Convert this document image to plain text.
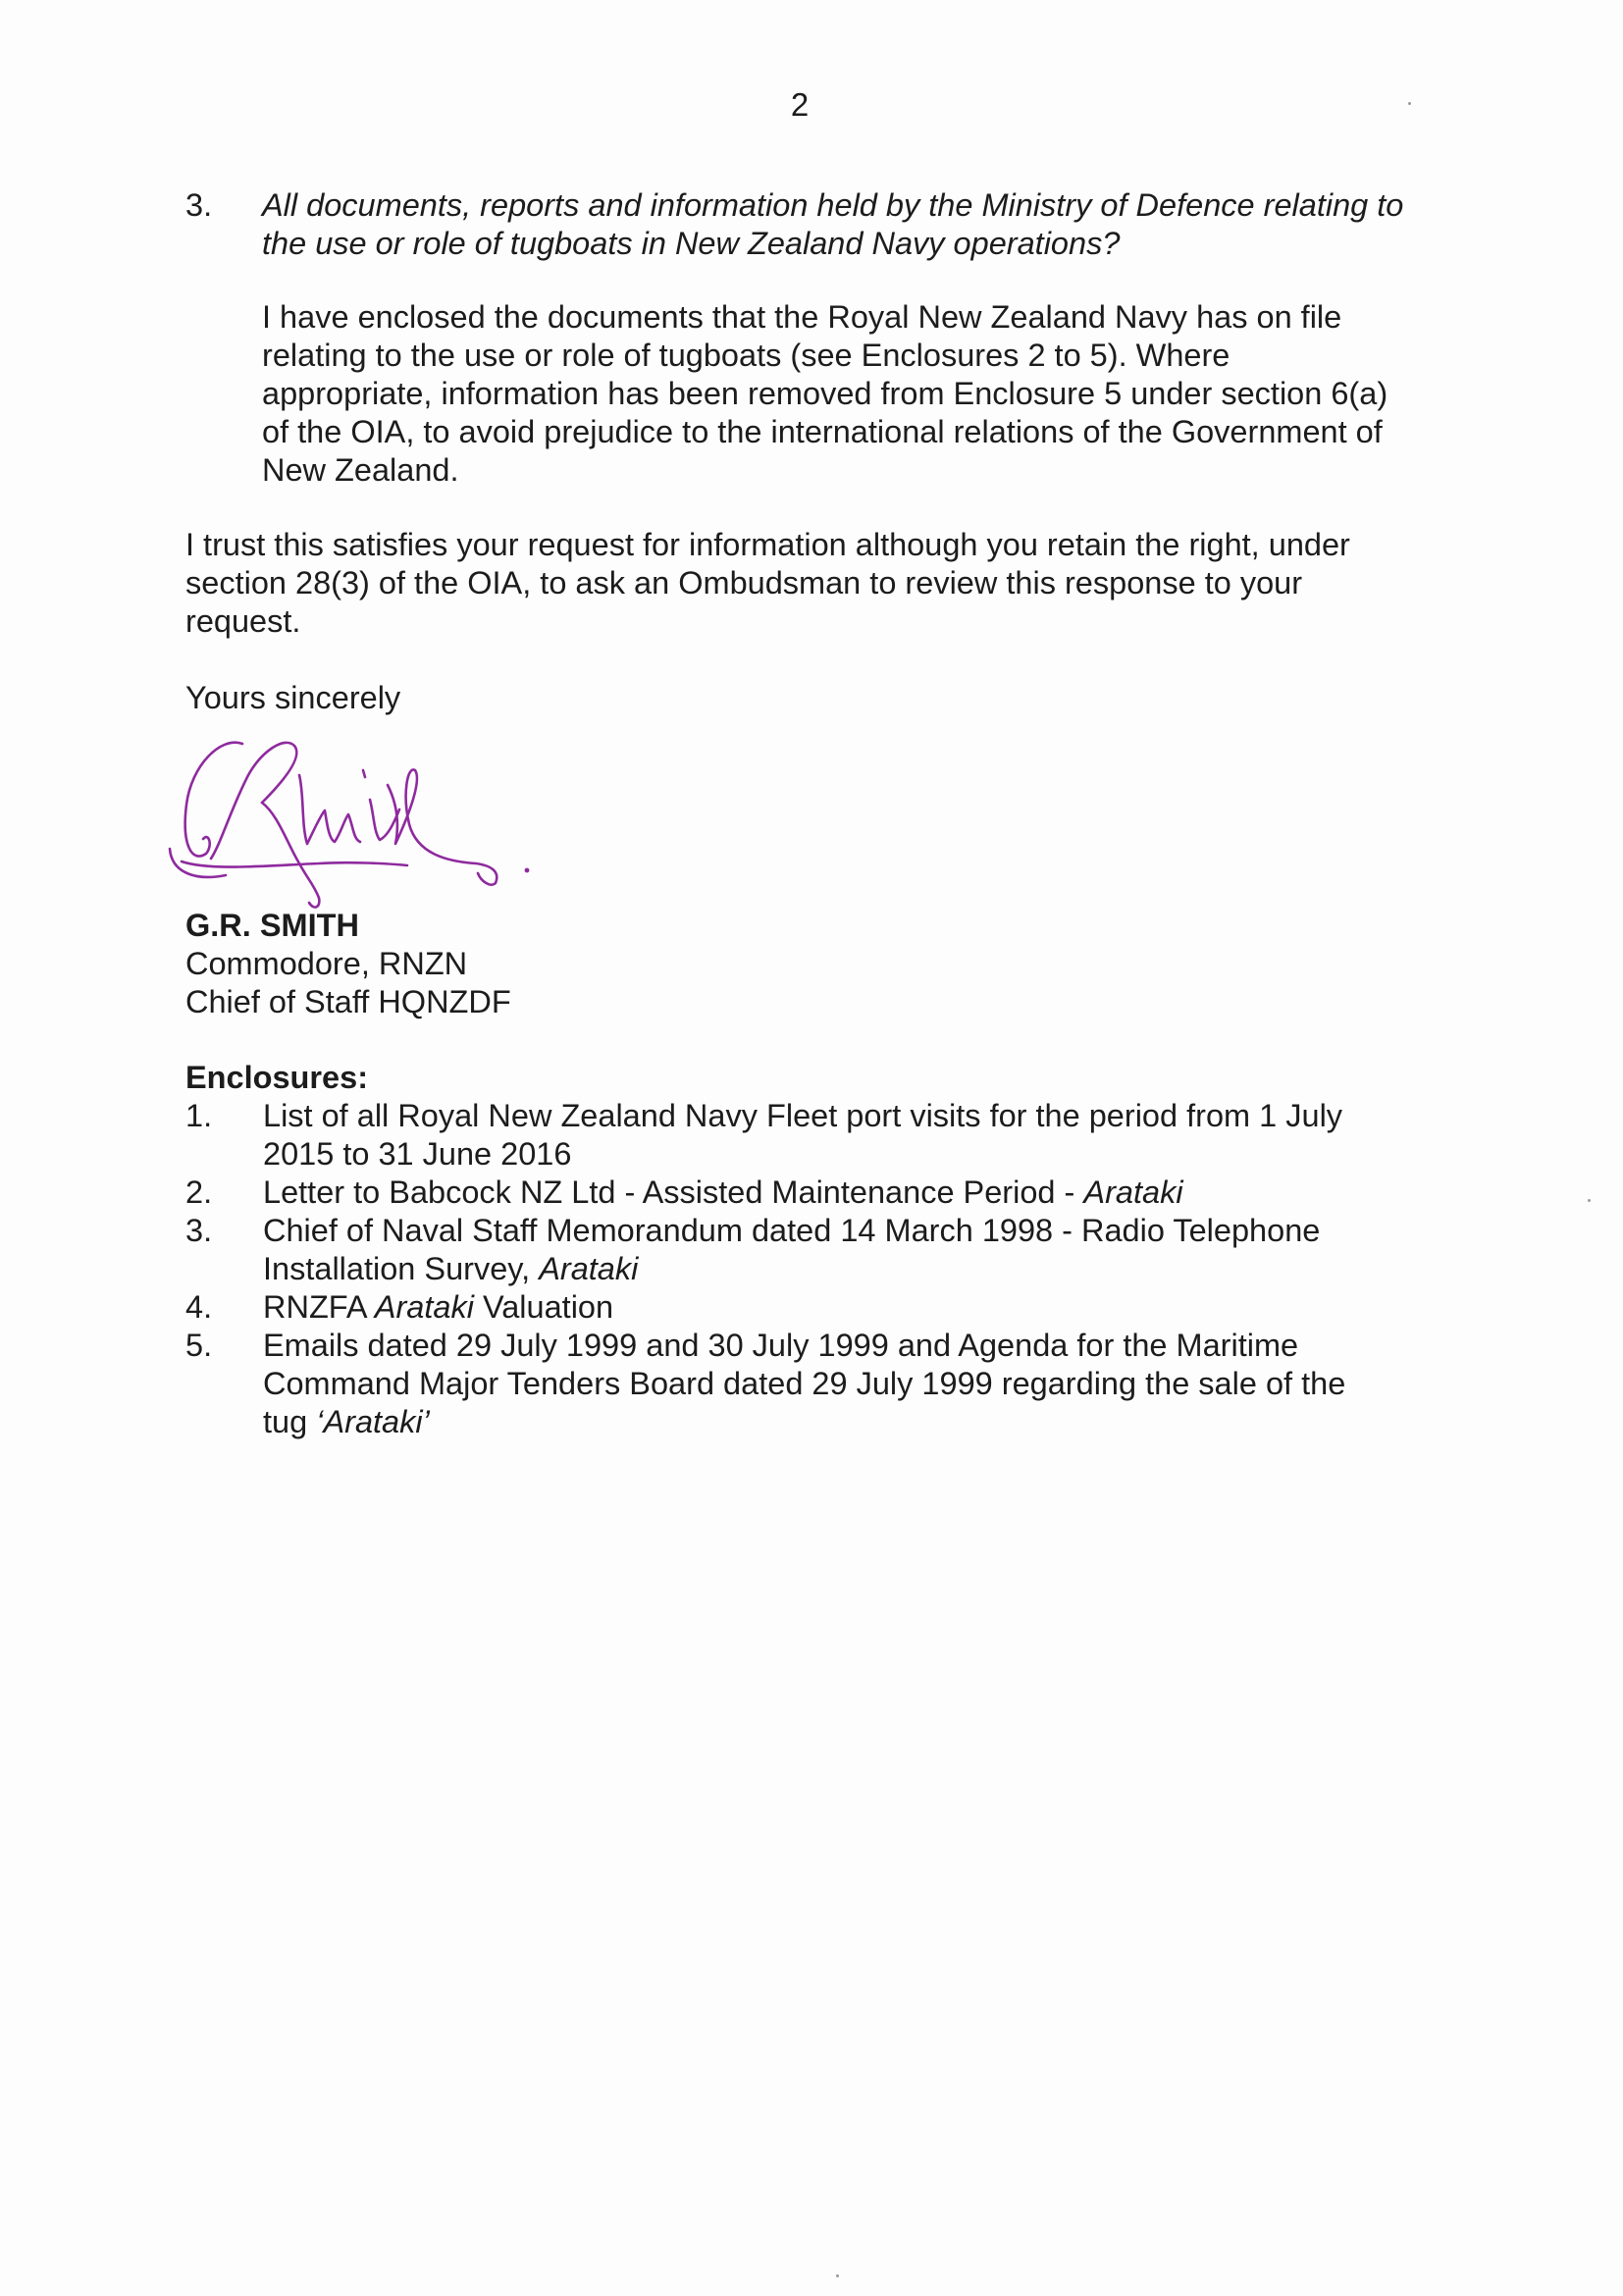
2
3.	All documents, reports and information held by the Ministry of Defence relating to the use or role of tugboats in New Zealand Navy operations?
I have enclosed the documents that the Royal New Zealand Navy has on file relating to the use or role of tugboats (see Enclosures 2 to 5). Where appropriate, information has been removed from Enclosure 5 under section 6(a) of the OIA, to avoid prejudice to the international relations of the Government of New Zealand.
I trust this satisfies your request for information although you retain the right, under section 28(3) of the OIA, to ask an Ombudsman to review this response to your request.
Yours sincerely
G.R. SMITH
Commodore, RNZN
Chief of Staff HQNZDF
Enclosures:
1.	List of all Royal New Zealand Navy Fleet port visits for the period from 1 July 2015 to 31 June 2016
2.	Letter to Babcock NZ Ltd - Assisted Maintenance Period - Arataki
3.	Chief of Naval Staff Memorandum dated 14 March 1998 - Radio Telephone Installation Survey, Arataki
4.	RNZFA Arataki Valuation
5.	Emails dated 29 July 1999 and 30 July 1999 and Agenda for the Maritime Command Major Tenders Board dated 29 July 1999 regarding the sale of the tug ‘Arataki’
